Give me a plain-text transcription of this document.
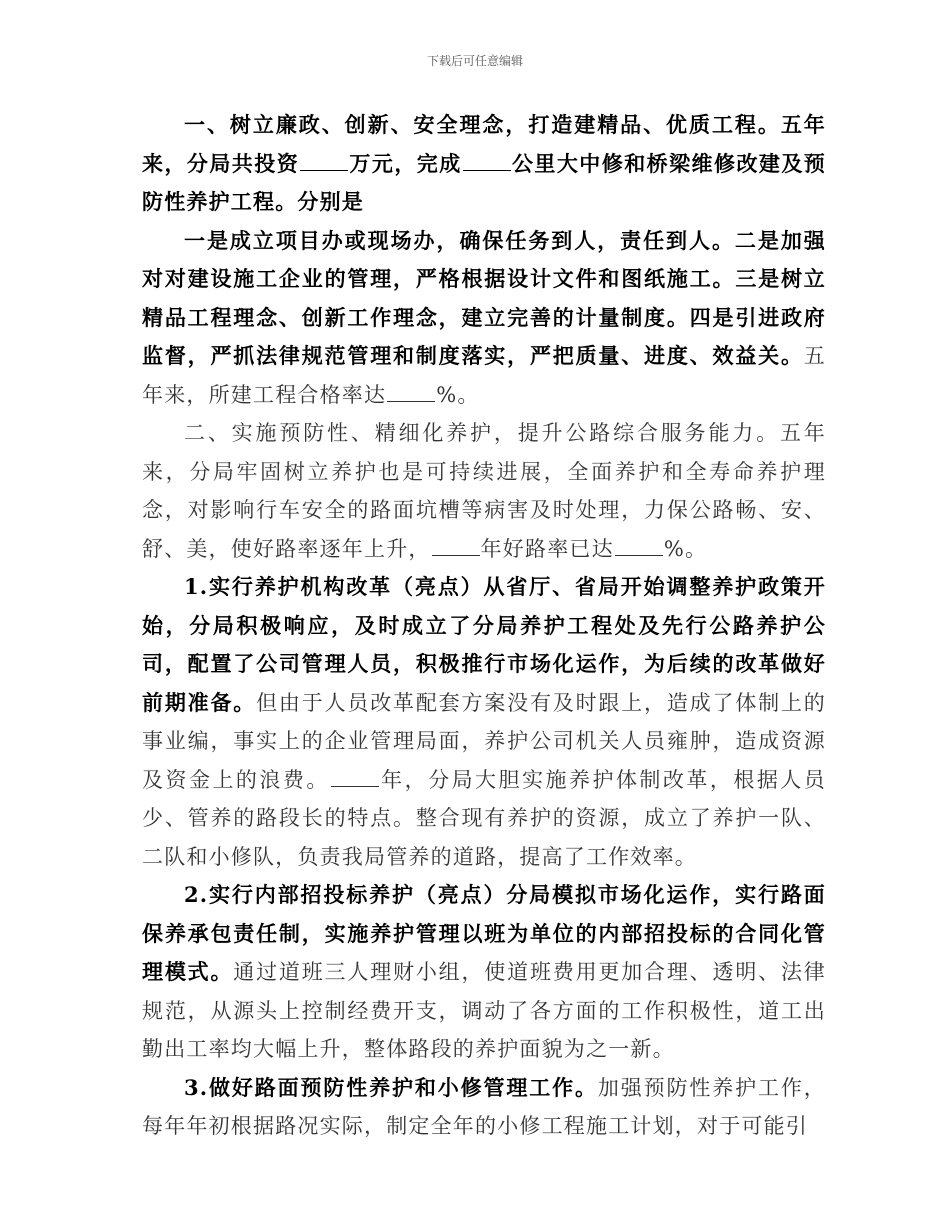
下载后可任意编辑

一、树立廉政、创新、安全理念，打造建精品、优质工程。五年来，分局共投资 万元，完成 公里大中修和桥梁维修改建及预防性养护工程。分别是

一是成立项目办或现场办，确保任务到人，责任到人。二是加强对对建设施工企业的管理，严格根据设计文件和图纸施工。三是树立精品工程理念、创新工作理念，建立完善的计量制度。四是引进政府监督，严抓法律规范管理和制度落实，严把质量、进度、效益关。五年来，所建工程合格率达 %。

二、实施预防性、精细化养护，提升公路综合服务能力。五年来，分局牢固树立养护也是可持续进展，全面养护和全寿命养护理念，对影响行车安全的路面坑槽等病害及时处理，力保公路畅、安、舒、美，使好路率逐年上升， 年好路率已达 %。

1.实行养护机构改革（亮点）从省厅、省局开始调整养护政策开始，分局积极响应，及时成立了分局养护工程处及先行公路养护公司，配置了公司管理人员，积极推行市场化运作，为后续的改革做好前期准备。但由于人员改革配套方案没有及时跟上，造成了体制上的事业编，事实上的企业管理局面，养护公司机关人员雍肿，造成资源及资金上的浪费。 年，分局大胆实施养护体制改革，根据人员少、管养的路段长的特点。整合现有养护的资源，成立了养护一队、二队和小修队，负责我局管养的道路，提高了工作效率。

2.实行内部招投标养护（亮点）分局模拟市场化运作，实行路面保养承包责任制，实施养护管理以班为单位的内部招投标的合同化管理模式。通过道班三人理财小组，使道班费用更加合理、透明、法律规范，从源头上控制经费开支，调动了各方面的工作积极性，道工出勤出工率均大幅上升，整体路段的养护面貌为之一新。

3.做好路面预防性养护和小修管理工作。加强预防性养护工作，每年年初根据路况实际，制定全年的小修工程施工计划，对于可能引
